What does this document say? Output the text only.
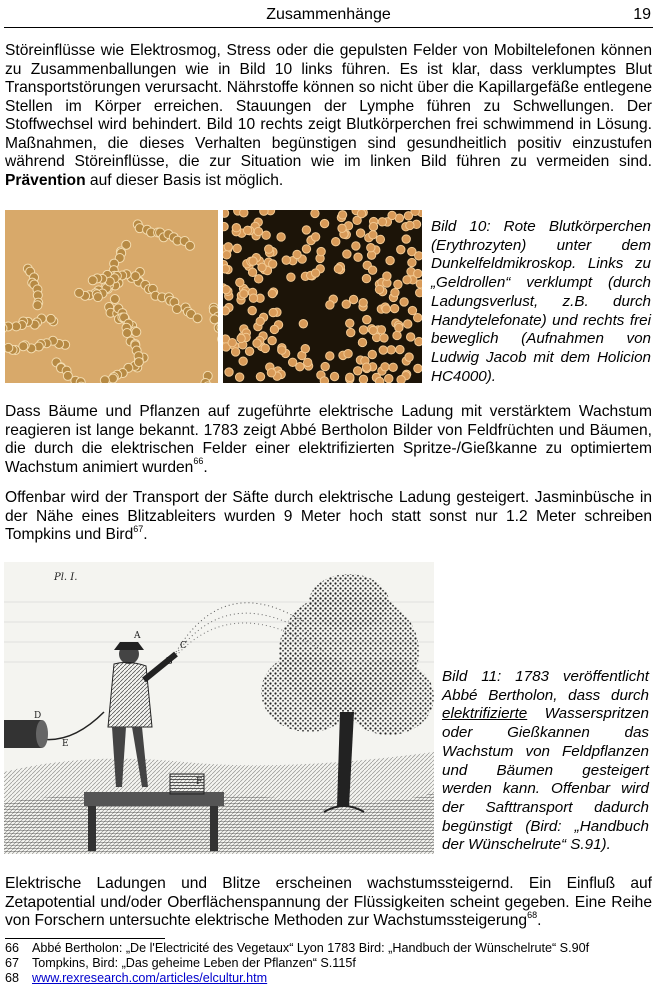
Zusammenhänge	19

Störeinflüsse wie Elektrosmog, Stress oder die gepulsten Felder von Mobiltelefonen können zu Zusammenballungen wie in Bild 10 links führen. Es ist klar, dass verklumptes Blut Transportstörungen verursacht. Nährstoffe können so nicht über die Kapillargefäße entlegene Stellen im Körper erreichen. Stauungen der Lymphe führen zu Schwellungen. Der Stoffwechsel wird behindert. Bild 10 rechts zeigt Blutkörperchen frei schwimmend in Lösung. Maßnahmen, die dieses Verhalten begünstigen sind gesundheitlich positiv einzustufen während Störeinflüsse, die zur Situation wie im linken Bild führen zu vermeiden sind. Prävention auf dieser Basis ist möglich.

Bild 10: Rote Blutkörperchen (Erythrozyten) unter dem Dunkelfeldmikroskop. Links zu „Geldrollen“ verklumpt (durch Ladungsverlust, z.B. durch Handytelefonate) und rechts frei beweglich (Aufnahmen von Ludwig Jacob mit dem Holicion HC4000).

Dass Bäume und Pflanzen auf zugeführte elektrische Ladung mit verstärktem Wachstum reagieren ist lange bekannt. 1783 zeigt Abbé Bertholon Bilder von Feldfrüchten und Bäumen, die durch die elektrischen Felder einer elektrifizierten Spritze-/Gießkanne zu optimiertem Wachstum animiert wurden$^{66}$.

Offenbar wird der Transport der Säfte durch elektrische Ladung gesteigert. Jasminbüsche in der Nähe eines Blitzableiters wurden 9 Meter hoch statt sonst nur 1.2 Meter schreiben Tompkins und Bird$^{67}$.

Pl. I.
A
B
C
D
E
F

Bild 11: 1783 veröffentlicht Abbé Bertholon, dass durch elektrifizierte Wasserspritzen oder Gießkannen das Wachstum von Feldpflanzen und Bäumen gesteigert werden kann. Offenbar wird der Safttransport dadurch begünstigt (Bird: „Handbuch der Wünschelrute“ S.91).

Elektrische Ladungen und Blitze erscheinen wachstumssteigernd. Ein Einfluß auf Zetapotential und/oder Oberflächenspannung der Flüssigkeiten scheint gegeben. Eine Reihe von Forschern untersuchte elektrische Methoden zur Wachstumssteigerung$^{68}$.

66 Abbé Bertholon: „De l'Electricité des Vegetaux“ Lyon 1783 Bird: „Handbuch der Wünschelrute“ S.90f
67 Tompkins, Bird: „Das geheime Leben der Pflanzen“ S.115f
68 www.rexresearch.com/articles/elcultur.htm
